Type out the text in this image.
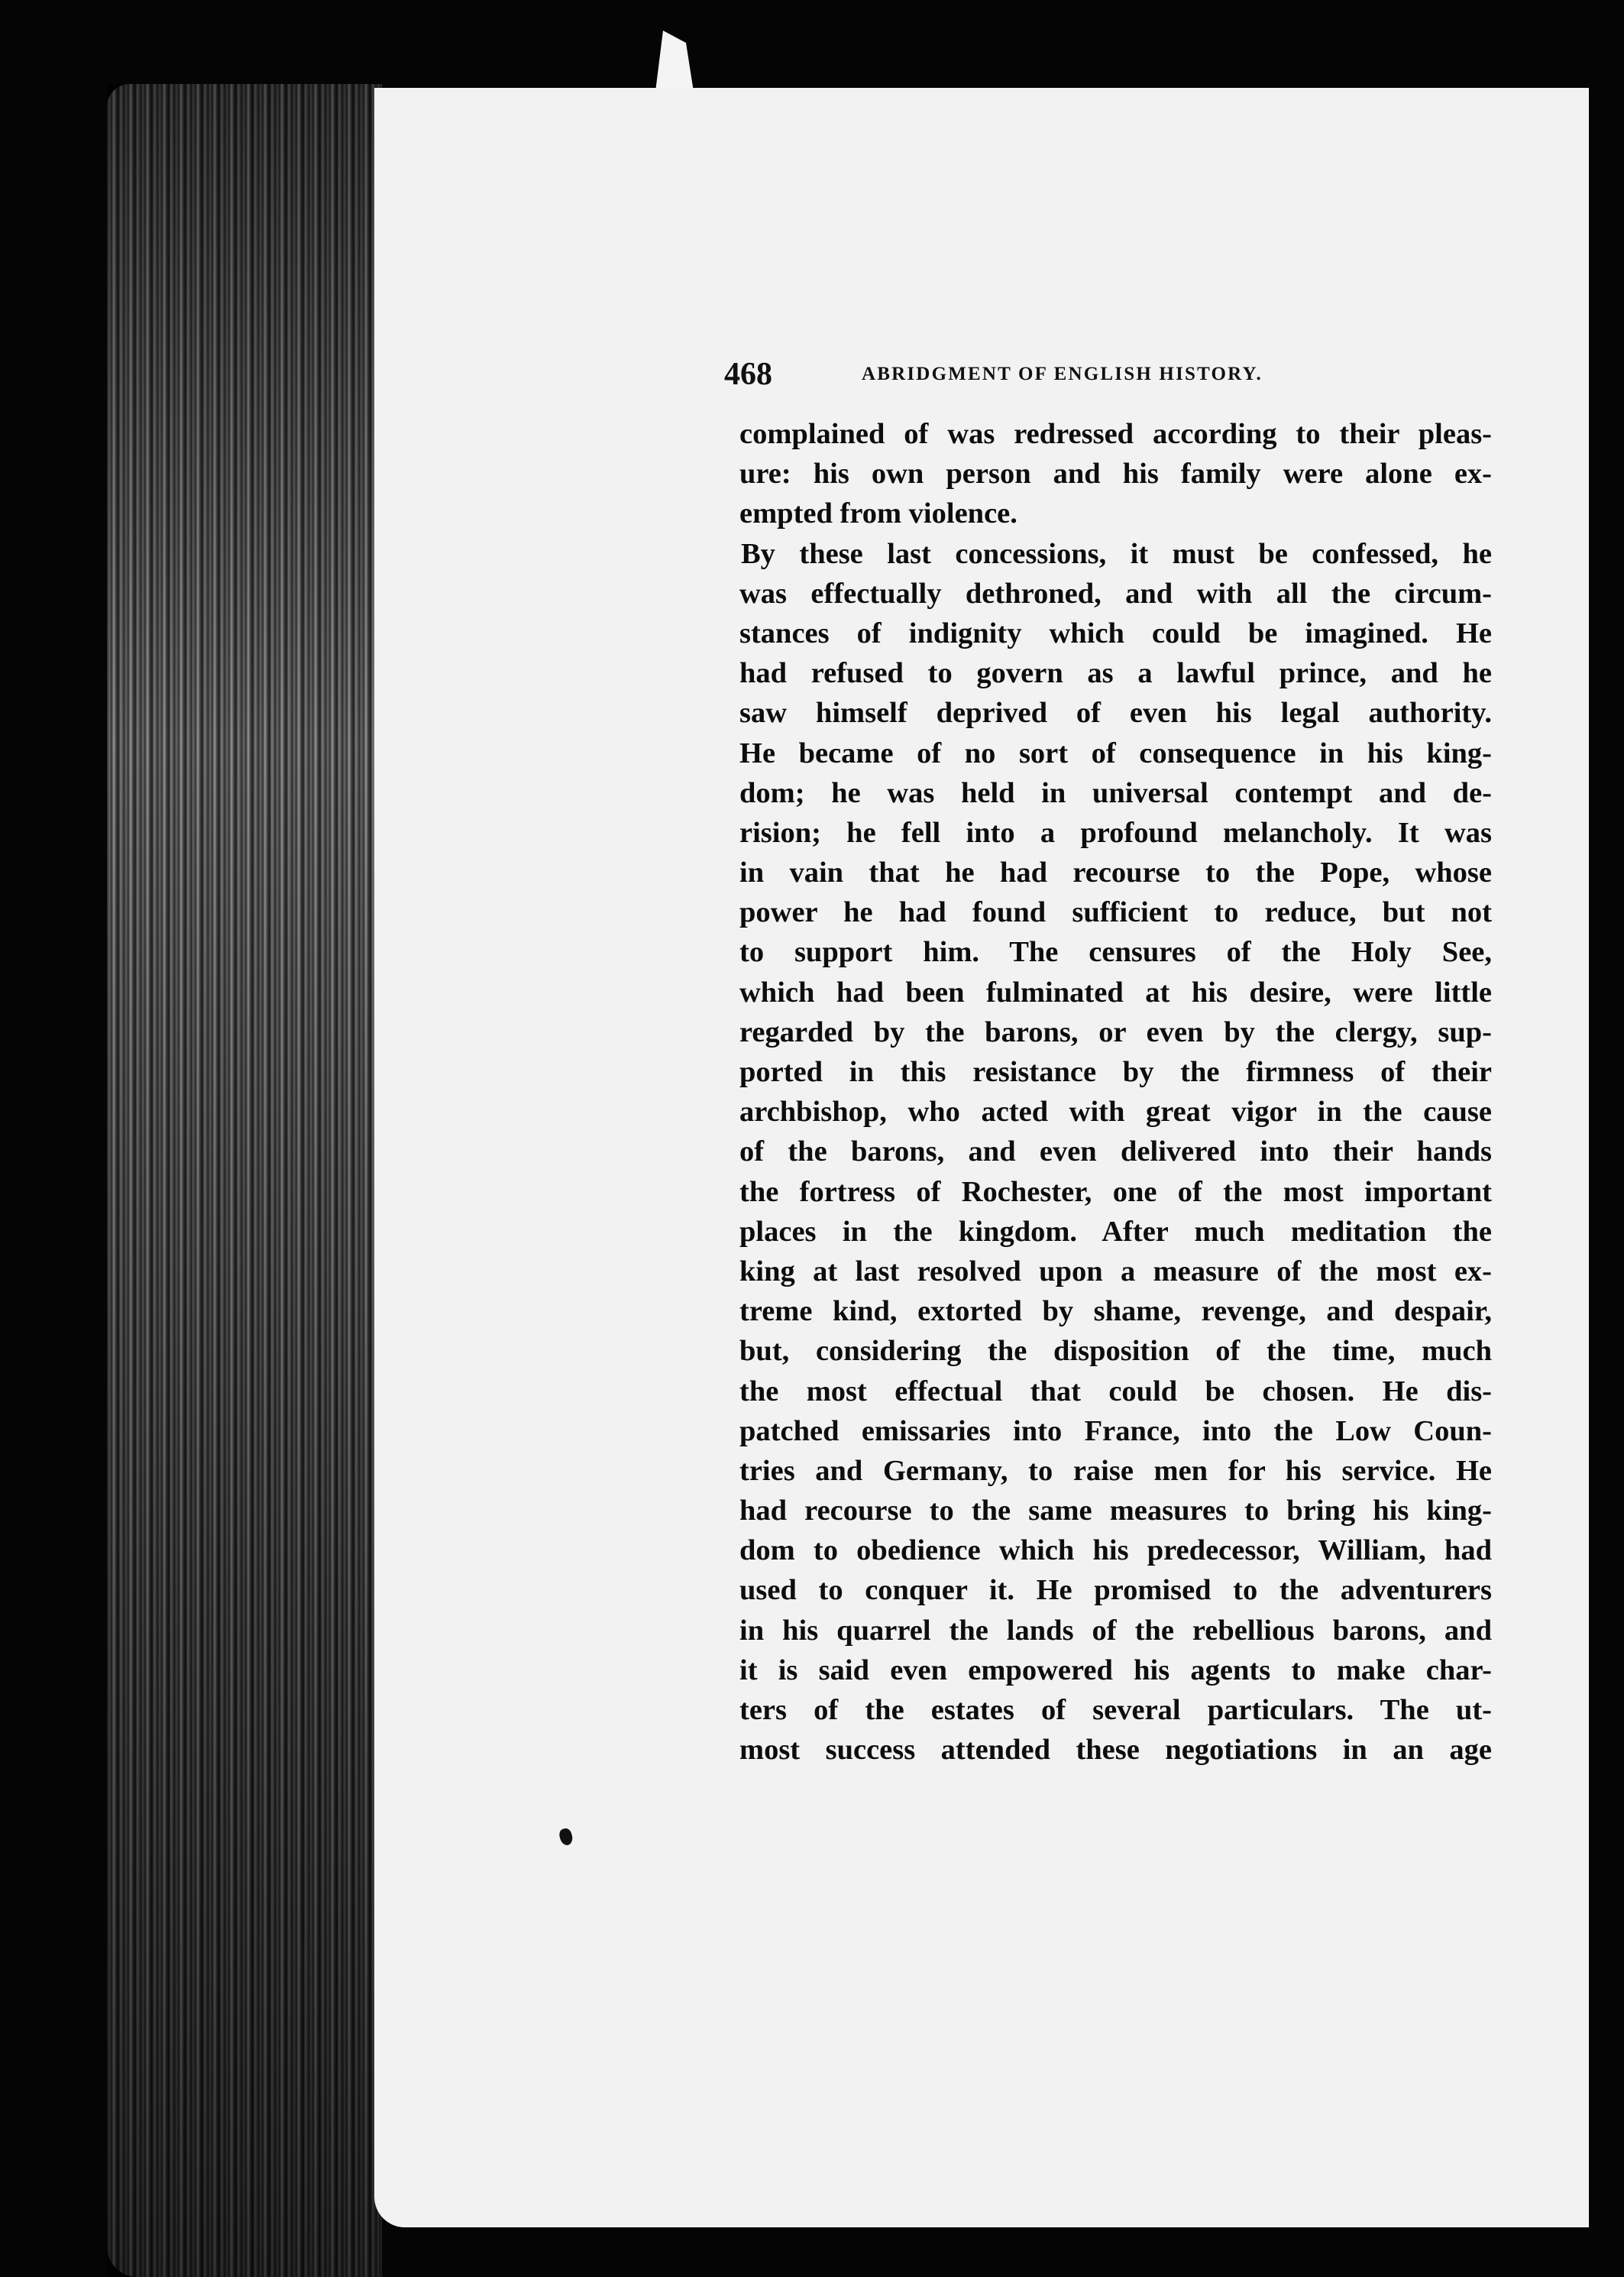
468	ABRIDGMENT OF ENGLISH HISTORY.
complained of was redressed according to their pleas-
ure: his own person and his family were alone ex-
empted from violence.
By these last concessions, it must be confessed, he
was effectually dethroned, and with all the circum-
stances of indignity which could be imagined. He
had refused to govern as a lawful prince, and he
saw himself deprived of even his legal authority.
He became of no sort of consequence in his king-
dom; he was held in universal contempt and de-
rision; he fell into a profound melancholy. It was
in vain that he had recourse to the Pope, whose
power he had found sufficient to reduce, but not
to support him. The censures of the Holy See,
which had been fulminated at his desire, were little
regarded by the barons, or even by the clergy, sup-
ported in this resistance by the firmness of their
archbishop, who acted with great vigor in the cause
of the barons, and even delivered into their hands
the fortress of Rochester, one of the most important
places in the kingdom. After much meditation the
king at last resolved upon a measure of the most ex-
treme kind, extorted by shame, revenge, and despair,
but, considering the disposition of the time, much
the most effectual that could be chosen. He dis-
patched emissaries into France, into the Low Coun-
tries and Germany, to raise men for his service. He
had recourse to the same measures to bring his king-
dom to obedience which his predecessor, William, had
used to conquer it. He promised to the adventurers
in his quarrel the lands of the rebellious barons, and
it is said even empowered his agents to make char-
ters of the estates of several particulars. The ut-
most success attended these negotiations in an age
